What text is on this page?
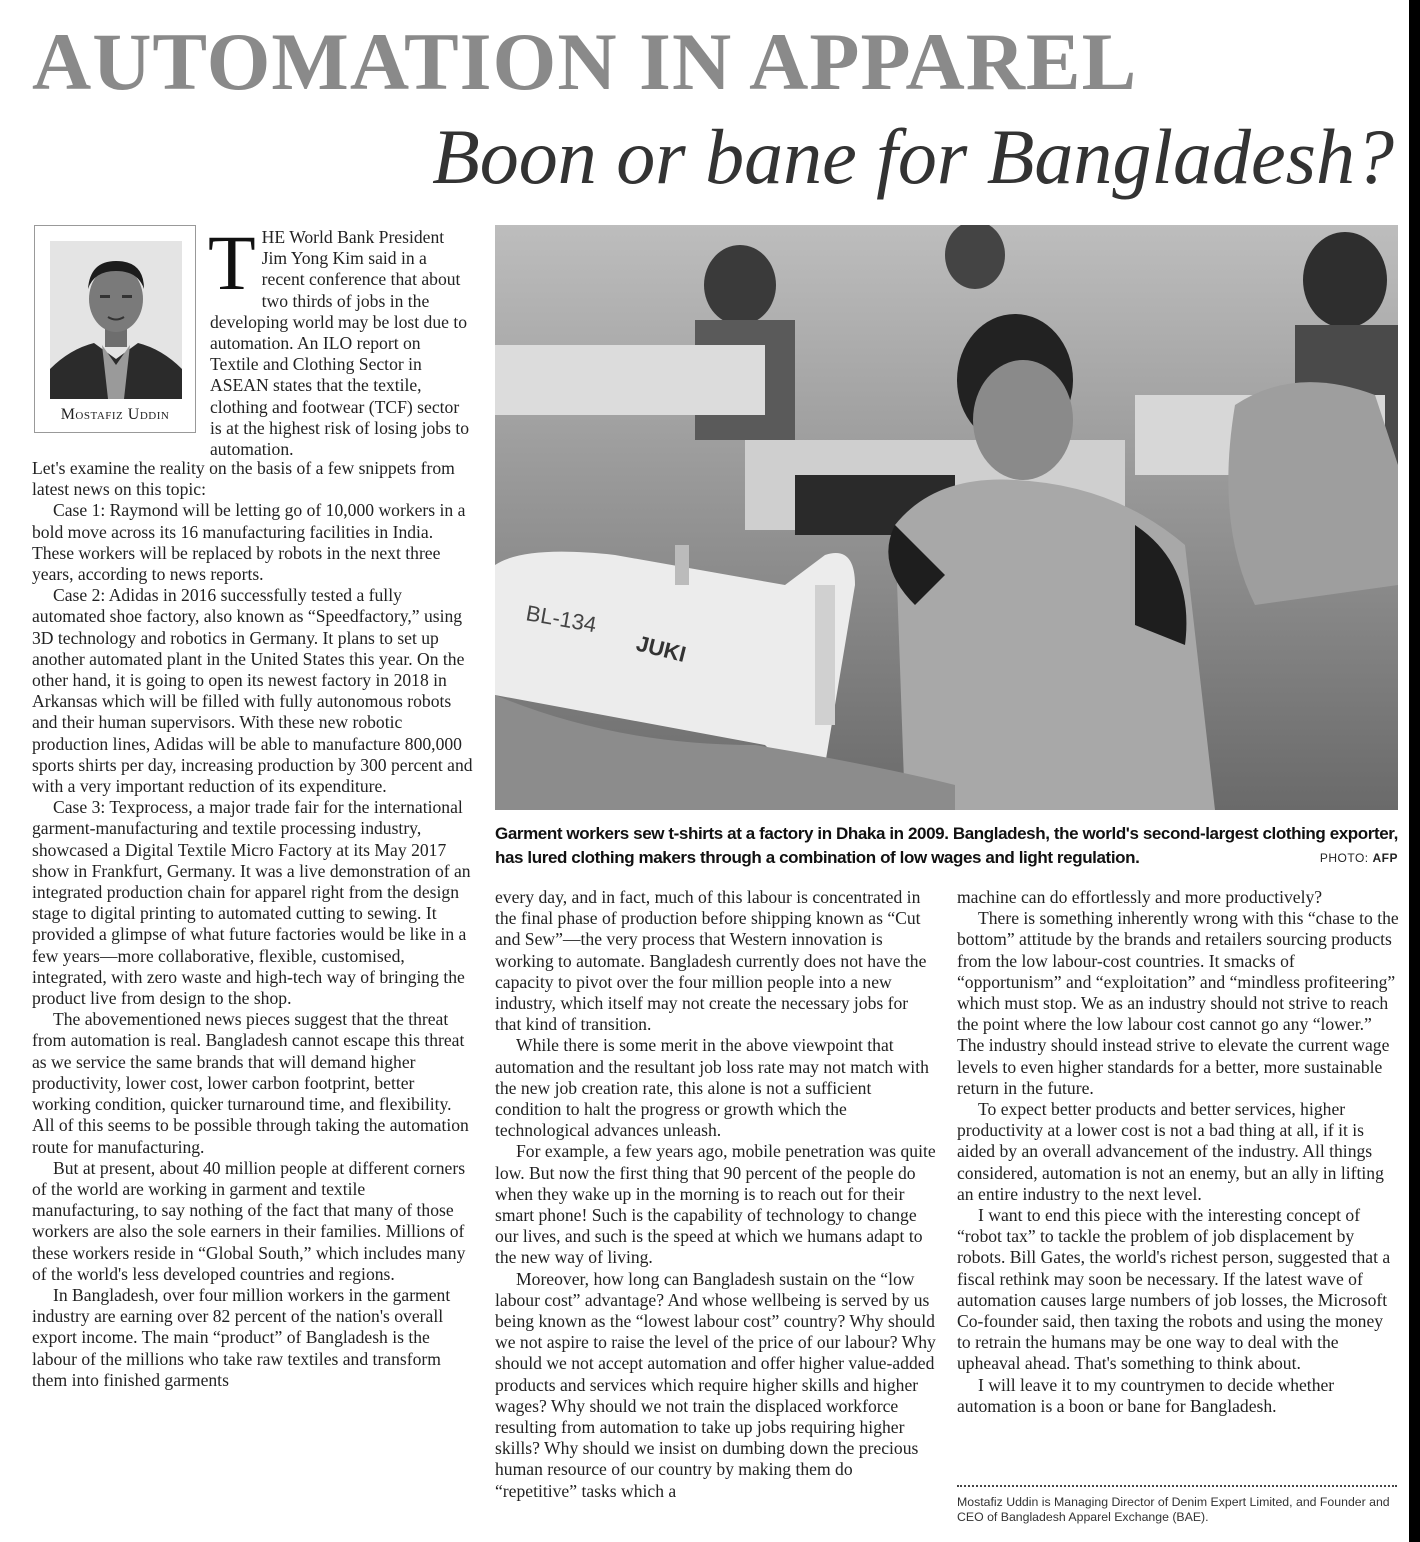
AUTOMATION IN APPAREL
Boon or bane for Bangladesh?
Mostafiz Uddin
THE World Bank President Jim Yong Kim said in a recent conference that about two thirds of jobs in the developing world may be lost due to automation. An ILO report on Textile and Clothing Sector in ASEAN states that the textile, clothing and footwear (TCF) sector is at the highest risk of losing jobs to automation.

Let's examine the reality on the basis of a few snippets from latest news on this topic:

Case 1: Raymond will be letting go of 10,000 workers in a bold move across its 16 manufacturing facilities in India. These workers will be replaced by robots in the next three years, according to news reports.

Case 2: Adidas in 2016 successfully tested a fully automated shoe factory, also known as “Speedfactory,” using 3D technology and robotics in Germany. It plans to set up another automated plant in the United States this year. On the other hand, it is going to open its newest factory in 2018 in Arkansas which will be filled with fully autonomous robots and their human supervisors. With these new robotic production lines, Adidas will be able to manufacture 800,000 sports shirts per day, increasing production by 300 percent and with a very important reduction of its expenditure.

Case 3: Texprocess, a major trade fair for the international garment-manufacturing and textile processing industry, showcased a Digital Textile Micro Factory at its May 2017 show in Frankfurt, Germany. It was a live demonstration of an integrated production chain for apparel right from the design stage to digital printing to automated cutting to sewing. It provided a glimpse of what future factories would be like in a few years—more collaborative, flexible, customised, integrated, with zero waste and high-tech way of bringing the product live from design to the shop.

The abovementioned news pieces suggest that the threat from automation is real. Bangladesh cannot escape this threat as we service the same brands that will demand higher productivity, lower cost, lower carbon footprint, better working condition, quicker turnaround time, and flexibility. All of this seems to be possible through taking the automation route for manufacturing.

But at present, about 40 million people at different corners of the world are working in garment and textile manufacturing, to say nothing of the fact that many of those workers are also the sole earners in their families. Millions of these workers reside in “Global South,” which includes many of the world's less developed countries and regions.

In Bangladesh, over four million workers in the garment industry are earning over 82 percent of the nation's overall export income. The main “product” of Bangladesh is the labour of the millions who take raw textiles and transform them into finished garments

JUKI
BL-134
Garment workers sew t-shirts at a factory in Dhaka in 2009. Bangladesh, the world's second-largest clothing exporter, has lured clothing makers through a combination of low wages and light regulation.	PHOTO: AFP

every day, and in fact, much of this labour is concentrated in the final phase of production before shipping known as “Cut and Sew”—the very process that Western innovation is working to automate. Bangladesh currently does not have the capacity to pivot over the four million people into a new industry, which itself may not create the necessary jobs for that kind of transition.

While there is some merit in the above viewpoint that automation and the resultant job loss rate may not match with the new job creation rate, this alone is not a sufficient condition to halt the progress or growth which the technological advances unleash.

For example, a few years ago, mobile penetration was quite low. But now the first thing that 90 percent of the people do when they wake up in the morning is to reach out for their smart phone! Such is the capability of technology to change our lives, and such is the speed at which we humans adapt to the new way of living.

Moreover, how long can Bangladesh sustain on the “low labour cost” advantage? And whose wellbeing is served by us being known as the “lowest labour cost” country? Why should we not aspire to raise the level of the price of our labour? Why should we not accept automation and offer higher value-added products and services which require higher skills and higher wages? Why should we not train the displaced workforce resulting from automation to take up jobs requiring higher skills? Why should we insist on dumbing down the precious human resource of our country by making them do “repetitive” tasks which a

machine can do effortlessly and more productively?

There is something inherently wrong with this “chase to the bottom” attitude by the brands and retailers sourcing products from the low labour-cost countries. It smacks of “opportunism” and “exploitation” and “mindless profiteering” which must stop. We as an industry should not strive to reach the point where the low labour cost cannot go any “lower.” The industry should instead strive to elevate the current wage levels to even higher standards for a better, more sustainable return in the future.

To expect better products and better services, higher productivity at a lower cost is not a bad thing at all, if it is aided by an overall advancement of the industry. All things considered, automation is not an enemy, but an ally in lifting an entire industry to the next level.

I want to end this piece with the interesting concept of “robot tax” to tackle the problem of job displacement by robots. Bill Gates, the world's richest person, suggested that a fiscal rethink may soon be necessary. If the latest wave of automation causes large numbers of job losses, the Microsoft Co-founder said, then taxing the robots and using the money to retrain the humans may be one way to deal with the upheaval ahead. That's something to think about.

I will leave it to my countrymen to decide whether automation is a boon or bane for Bangladesh.

Mostafiz Uddin is Managing Director of Denim Expert Limited, and Founder and CEO of Bangladesh Apparel Exchange (BAE).
